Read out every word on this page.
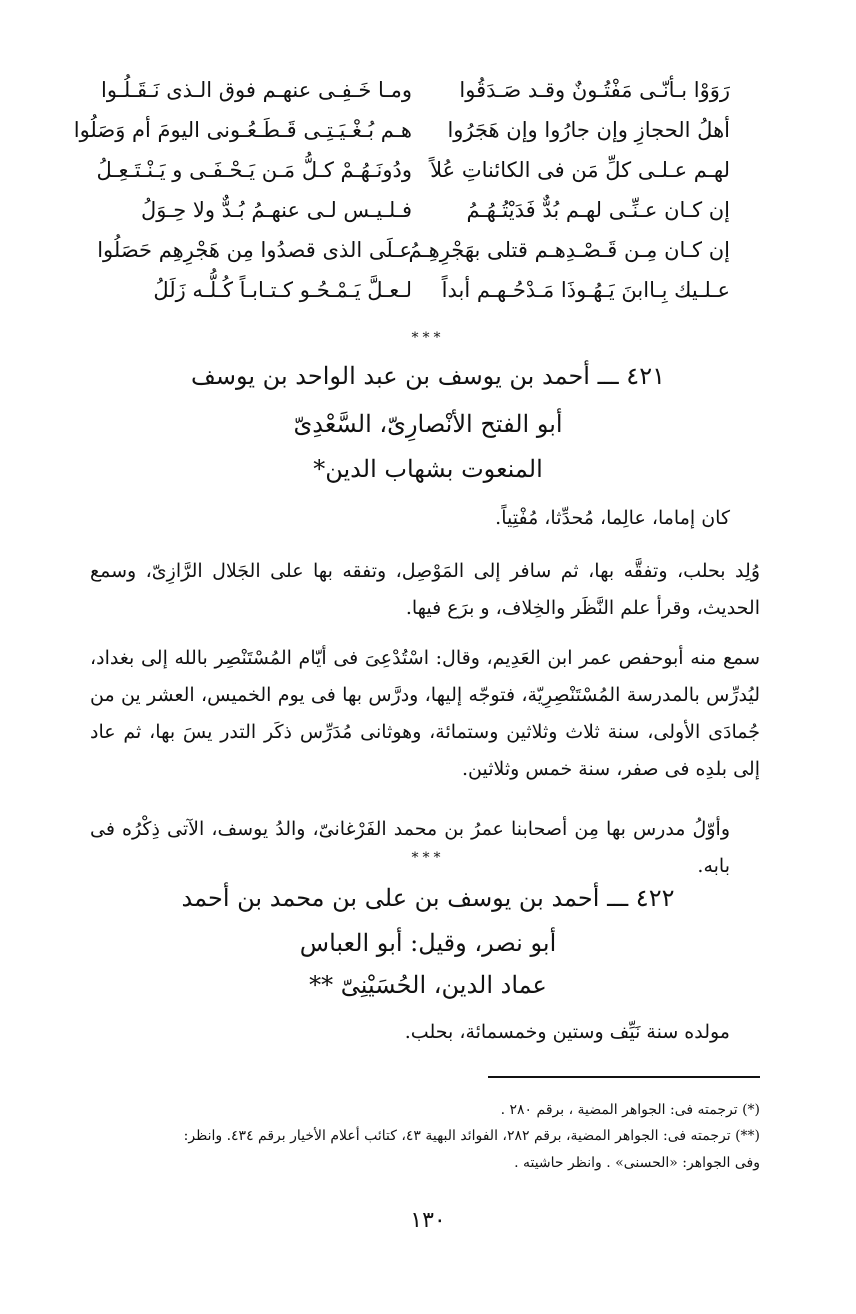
رَوَوْا بـأنّـى مَفْتُـونٌ وقـد صَـدَقُوا
ومـا خَـفِـى عنهـم فوق الـذى نَـقَـلُـوا
أهلُ الحجازِ وإن جارُوا وإن هَجَرُوا
هـم بُـغْـيَـتِـى قَـطَـعُـونى اليومَ أم وَصَلُوا
لهـم عـلـى كلِّ مَن فى الكائناتِ عُلاً
ودُونَـهُـمْ كـلُّ مَـن يَـحْـفَـى و يَـنْـتَـعِـلُ
إن كـان عـنِّـى لهـم بُدٌّ فَدَيْتُـهُـمُ
فـلـيـس لـى عنهـمُ بُـدٌّ ولا حِـوَلُ
إن كـان مِـن قَـصْـدِهـم قتلى بهَجْرِهِـمُ
عـلَى الذى قصدُوا مِن هَجْرِهِم حَصَلُوا
عـلـيك بِـاابنَ يَـهُـوذَا مَـدْحُـهـم أبداً
لـعـلَّ يَـمْـحُـو كـتـابـاً كُـلُّـه زَلَلُ
***
٤٢١ ـــ أحمد بن يوسف بن عبد الواحد بن يوسف
أبو الفتح الأنْصارِىّ، السَّعْدِىّ
المنعوت بشهاب الدين*
كان إماما، عالِما، مُحدِّثا، مُفْتِياً.
وُلِد بحلب، وتفقَّه بها، ثم سافر إلى المَوْصِل، وتفقه بها على الجَلال الرَّازِىّ، وسمع الحديث، وقرأ علم النَّظَر والخِلاف، و برَع فيها.
سمع منه أبوحفص عمر ابن العَدِيم، وقال: اسْتُدْعِىَ فى أيّام المُسْتَنْصِر بالله إلى بغداد، ليُدرِّس بالمدرسة المُسْتَنْصِرِيّة، فتوجّه إليها، ودرَّس بها فى يوم الخميس، العشر ين من جُمادَى الأولى، سنة ثلاث وثلاثين وستمائة، وهوثانى مُدَرِّس ذكَر التدر يسَ بها، ثم عاد إلى بلدِه فى صفر، سنة خمس وثلاثين.
وأوّلُ مدرس بها مِن أصحابنا عمرُ بن محمد الفَرْغانىّ، والدُ يوسف، الآتى ذِكْرُه فى بابه.
***
٤٢٢ ـــ أحمد بن يوسف بن على بن محمد بن أحمد
أبو نصر، وقيل: أبو العباس
عماد الدين، الحُسَيْنِىّ **
مولده سنة نَيِّف وستين وخمسمائة، بحلب.
(*) ترجمته فى: الجواهر المضية ، برقم ٢٨٠ .
(**) ترجمته فى: الجواهر المضية، برقم ٢٨٢، الفوائد البهية ٤٣، كتائب أعلام الأخيار برقم ٤٣٤. وانظر:
وفى الجواهر: «الحسنى» . وانظر حاشيته .
١٣٠
